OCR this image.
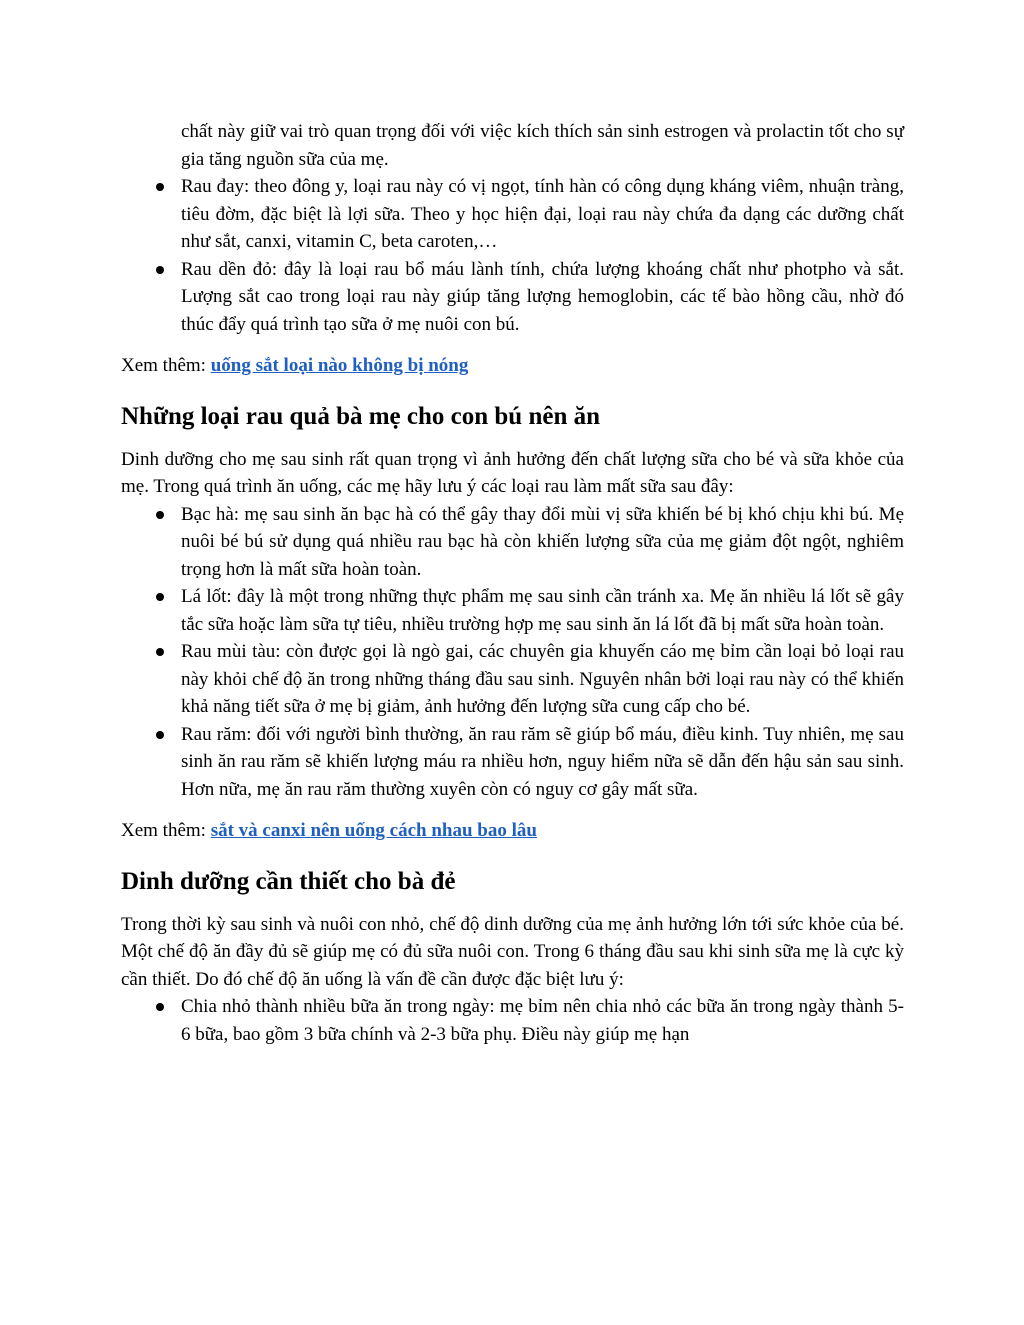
chất này giữ vai trò quan trọng đối với việc kích thích sản sinh estrogen và prolactin tốt cho sự gia tăng nguồn sữa của mẹ.

Rau đay: theo đông y, loại rau này có vị ngọt, tính hàn có công dụng kháng viêm, nhuận tràng, tiêu đờm, đặc biệt là lợi sữa. Theo y học hiện đại, loại rau này chứa đa dạng các dưỡng chất như sắt, canxi, vitamin C, beta caroten,…
Rau dền đỏ: đây là loại rau bổ máu lành tính, chứa lượng khoáng chất như photpho và sắt. Lượng sắt cao trong loại rau này giúp tăng lượng hemoglobin, các tế bào hồng cầu, nhờ đó thúc đẩy quá trình tạo sữa ở mẹ nuôi con bú.

Xem thêm: uống sắt loại nào không bị nóng

Những loại rau quả bà mẹ cho con bú nên ăn

Dinh dưỡng cho mẹ sau sinh rất quan trọng vì ảnh hưởng đến chất lượng sữa cho bé và sữa khỏe của mẹ. Trong quá trình ăn uống, các mẹ hãy lưu ý các loại rau làm mất sữa sau đây:

Bạc hà: mẹ sau sinh ăn bạc hà có thể gây thay đổi mùi vị sữa khiến bé bị khó chịu khi bú. Mẹ nuôi bé bú sử dụng quá nhiều rau bạc hà còn khiến lượng sữa của mẹ giảm đột ngột, nghiêm trọng hơn là mất sữa hoàn toàn.
Lá lốt: đây là một trong những thực phẩm mẹ sau sinh cần tránh xa. Mẹ ăn nhiều lá lốt sẽ gây tắc sữa hoặc làm sữa tự tiêu, nhiều trường hợp mẹ sau sinh ăn lá lốt đã bị mất sữa hoàn toàn.
Rau mùi tàu: còn được gọi là ngò gai, các chuyên gia khuyến cáo mẹ bỉm cần loại bỏ loại rau này khỏi chế độ ăn trong những tháng đầu sau sinh. Nguyên nhân bởi loại rau này có thể khiến khả năng tiết sữa ở mẹ bị giảm, ảnh hưởng đến lượng sữa cung cấp cho bé.
Rau răm: đối với người bình thường, ăn rau răm sẽ giúp bổ máu, điều kinh. Tuy nhiên, mẹ sau sinh ăn rau răm sẽ khiến lượng máu ra nhiều hơn, nguy hiểm nữa sẽ dẫn đến hậu sản sau sinh. Hơn nữa, mẹ ăn rau răm thường xuyên còn có nguy cơ gây mất sữa.

Xem thêm: sắt và canxi nên uống cách nhau bao lâu

Dinh dưỡng cần thiết cho bà đẻ

Trong thời kỳ sau sinh và nuôi con nhỏ, chế độ dinh dưỡng của mẹ ảnh hưởng lớn tới sức khỏe của bé. Một chế độ ăn đầy đủ sẽ giúp mẹ có đủ sữa nuôi con. Trong 6 tháng đầu sau khi sinh sữa mẹ là cực kỳ cần thiết. Do đó chế độ ăn uống là vấn đề cần được đặc biệt lưu ý:

Chia nhỏ thành nhiều bữa ăn trong ngày: mẹ bỉm nên chia nhỏ các bữa ăn trong ngày thành 5-6 bữa, bao gồm 3 bữa chính và 2-3 bữa phụ. Điều này giúp mẹ hạn
